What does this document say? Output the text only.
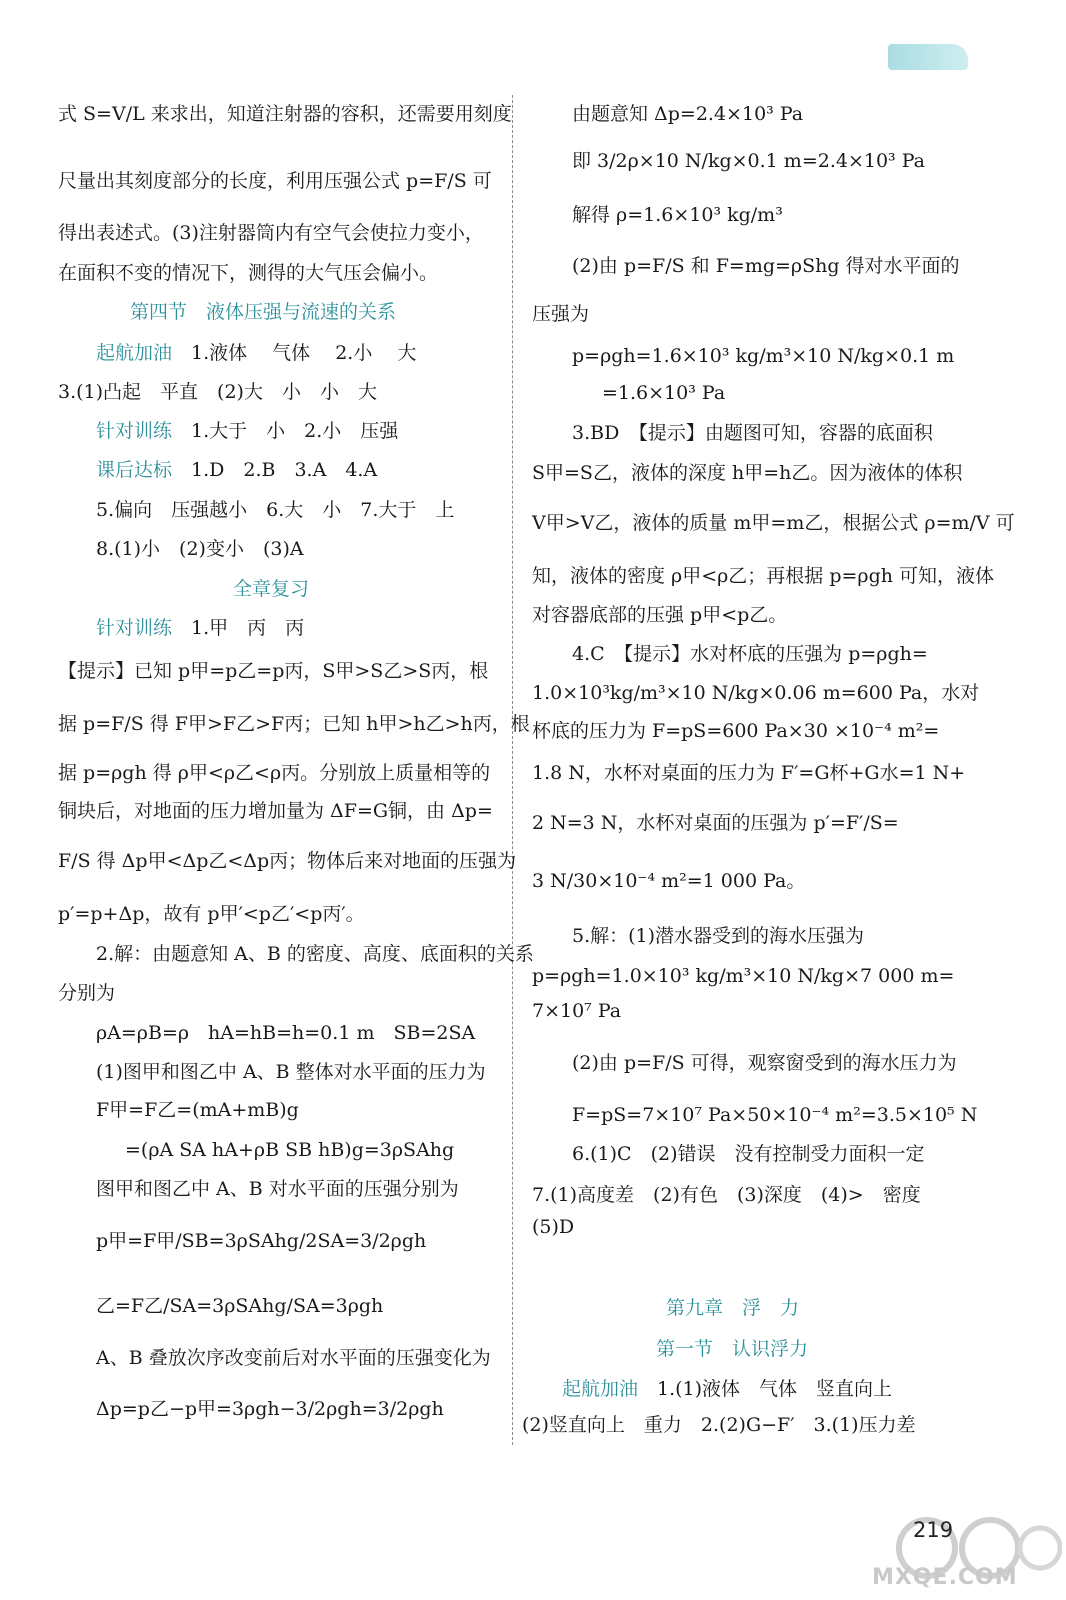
式 S=V/L 来求出，知道注射器的容积，还需要用刻度
尺量出其刻度部分的长度，利用压强公式 p=F/S 可
得出表述式。(3)注射器筒内有空气会使拉力变小，
在面积不变的情况下，测得的大气压会偏小。
第四节　液体压强与流速的关系
起航加油　1.液体　 气体　 2.小　 大
3.(1)凸起　平直　(2)大　小　小　大
针对训练　1.大于　小　2.小　压强
课后达标　1.D　2.B　3.A　4.A
5.偏向　压强越小　6.大　小　7.大于　上
8.(1)小　(2)变小　(3)A
全章复习
针对训练　1.甲　丙　丙
【提示】已知 p甲=p乙=p丙，S甲>S乙>S丙，根
据 p=F/S 得 F甲>F乙>F丙；已知 h甲>h乙>h丙，根
据 p=ρgh 得 ρ甲<ρ乙<ρ丙。分别放上质量相等的
铜块后，对地面的压力增加量为 ΔF=G铜，由 Δp=
F/S 得 Δp甲<Δp乙<Δp丙；物体后来对地面的压强为
p′=p+Δp，故有 p甲′<p乙′<p丙′。
2.解：由题意知 A、B 的密度、高度、底面积的关系
分别为
ρA=ρB=ρ　hA=hB=h=0.1 m　SB=2SA
(1)图甲和图乙中 A、B 整体对水平面的压力为
F甲=F乙=(mA+mB)g
=(ρA SA hA+ρB SB hB)g=3ρSAhg
图甲和图乙中 A、B 对水平面的压强分别为
p甲=F甲/SB=3ρSAhg/2SA=3/2ρgh
乙=F乙/SA=3ρSAhg/SA=3ρgh
A、B 叠放次序改变前后对水平面的压强变化为
Δp=p乙−p甲=3ρgh−3/2ρgh=3/2ρgh
由题意知 Δp=2.4×10³ Pa
即 3/2ρ×10 N/kg×0.1 m=2.4×10³ Pa
解得 ρ=1.6×10³ kg/m³
(2)由 p=F/S 和 F=mg=ρShg 得对水平面的
压强为
p=ρgh=1.6×10³ kg/m³×10 N/kg×0.1 m
=1.6×10³ Pa
3.BD　【提示】由题图可知，容器的底面积
S甲=S乙，液体的深度 h甲=h乙。因为液体的体积
V甲>V乙，液体的质量 m甲=m乙，根据公式 ρ=m/V 可
知，液体的密度 ρ甲<ρ乙；再根据 p=ρgh 可知，液体
对容器底部的压强 p甲<p乙。
4.C　【提示】水对杯底的压强为 p=ρgh=
1.0×10³kg/m³×10 N/kg×0.06 m=600 Pa，水对
杯底的压力为 F=pS=600 Pa×30 ×10⁻⁴ m²=
1.8 N，水杯对桌面的压力为 F′=G杯+G水=1 N+
2 N=3 N，水杯对桌面的压强为 p′=F′/S=
3 N/30×10⁻⁴ m²=1 000 Pa。
5.解：(1)潜水器受到的海水压强为
p=ρgh=1.0×10³ kg/m³×10 N/kg×7 000 m=
7×10⁷ Pa
(2)由 p=F/S 可得，观察窗受到的海水压力为
F=pS=7×10⁷ Pa×50×10⁻⁴ m²=3.5×10⁵ N
6.(1)C　(2)错误　没有控制受力面积一定
7.(1)高度差　(2)有色　(3)深度　(4)>　密度
(5)D
第九章　浮　力
第一节　认识浮力
起航加油　1.(1)液体　气体　竖直向上
(2)竖直向上　重力　2.(2)G−F′　3.(1)压力差
219
MXQE.COM
